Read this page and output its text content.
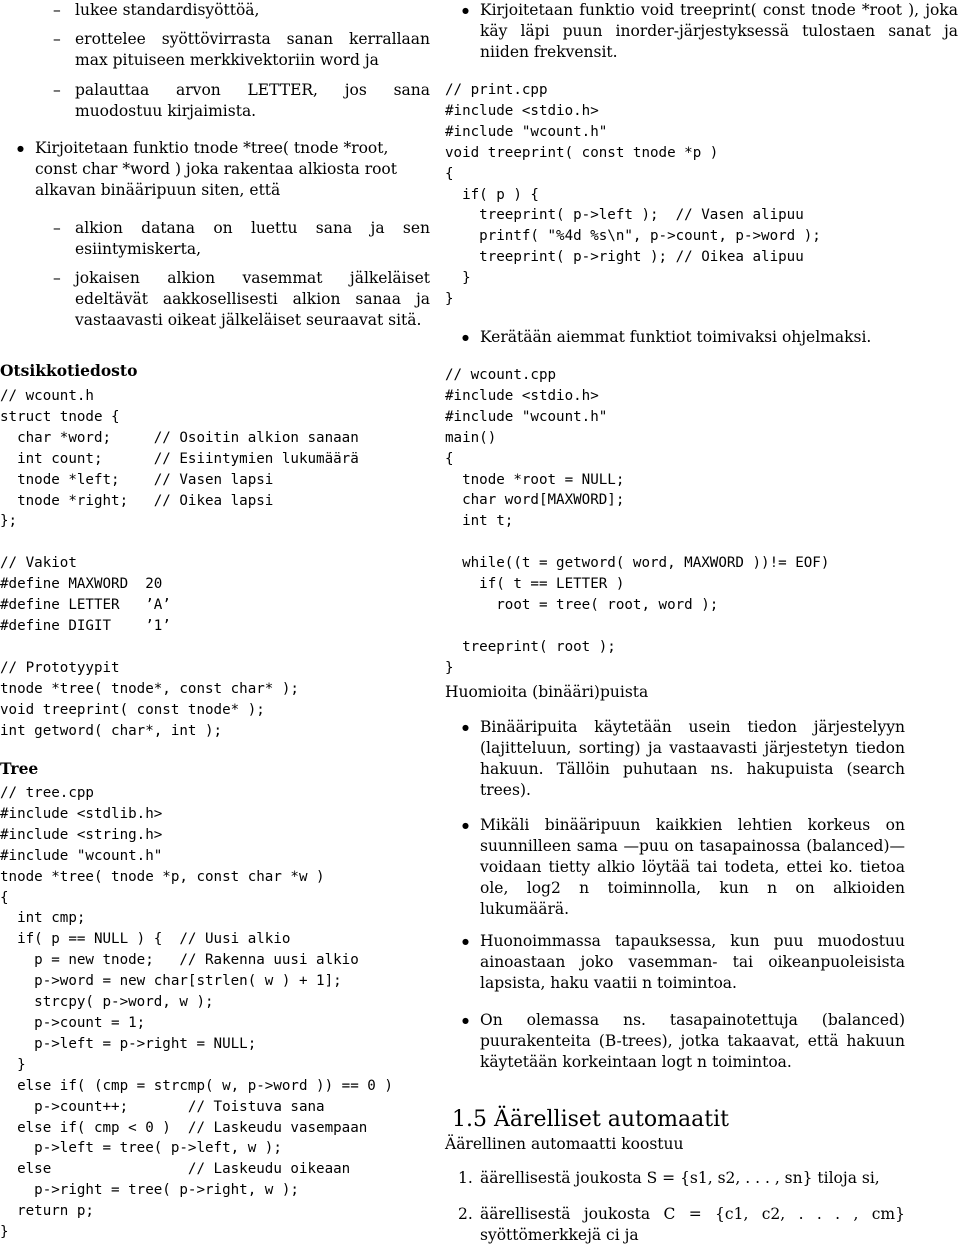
– lukee standardisyöttöä,

– erottelee syöttövirrasta sanan kerrallaan max pituiseen merkkivektoriin word ja

– palauttaa arvon LETTER, jos sana muodostuu kirjaimista.

● Kirjoitetaan funktio tnode *tree( tnode *root, const char *word ) joka rakentaa alkiosta root alkavan binääripuun siten, että

– alkion datana on luettu sana ja sen esiintymiskerta,

– jokaisen alkion vasemmat jälkeläiset edeltävät aakkosellisesti alkion sanaa ja vastaavasti oikeat jälkeläiset seuraavat sitä.

Otsikkotiedosto

// wcount.h
struct tnode {
char *word;     // Osoitin alkion sanaan
int count;      // Esiintymien lukumäärä
tnode *left;    // Vasen lapsi
tnode *right;   // Oikea lapsi
};

// Vakiot
#define MAXWORD  20
#define LETTER   ’A’
#define DIGIT    ’1’

// Prototyypit
tnode *tree( tnode*, const char* );
void treeprint( const tnode* );
int getword( char*, int );

Tree

// tree.cpp
#include <stdlib.h>
#include <string.h>
#include "wcount.h"
tnode *tree( tnode *p, const char *w )
{
int cmp;
if( p == NULL ) {  // Uusi alkio
p = new tnode;   // Rakenna uusi alkio
p->word = new char[strlen( w ) + 1];
strcpy( p->word, w );
p->count = 1;
p->left = p->right = NULL;
}
else if( (cmp = strcmp( w, p->word )) == 0 )
p->count++;       // Toistuva sana
else if( cmp < 0 )  // Laskeudu vasempaan
p->left = tree( p->left, w );
else                // Laskeudu oikeaan
p->right = tree( p->right, w );
return p;
}

● Kirjoitetaan funktio void treeprint( const tnode *root ), joka käy läpi puun inorder-järjestyksessä tulostaen sanat ja niiden frekvensit.

// print.cpp
#include <stdio.h>
#include "wcount.h"
void treeprint( const tnode *p )
{
if( p ) {
treeprint( p->left );  // Vasen alipuu
printf( "%4d %s\n", p->count, p->word );
treeprint( p->right ); // Oikea alipuu
}
}

● Kerätään aiemmat funktiot toimivaksi ohjelmaksi.

// wcount.cpp
#include <stdio.h>
#include "wcount.h"
main()
{
tnode *root = NULL;
char word[MAXWORD];
int t;

while((t = getword( word, MAXWORD ))!= EOF)
if( t == LETTER )
root = tree( root, word );

treeprint( root );
}

Huomioita (binääri)puista

● Binääripuita käytetään usein tiedon järjestelyyn (lajitteluun, sorting) ja vastaavasti järjestetyn tiedon hakuun. Tällöin puhutaan ns. hakupuista (search trees).

● Mikäli binääripuun kaikkien lehtien korkeus on suunnilleen sama —puu on tasapainossa (balanced)— voidaan tietty alkio löytää tai todeta, ettei ko. tietoa ole, log2 n toiminnolla, kun n on alkioiden lukumäärä.

● Huonoimmassa tapauksessa, kun puu muodostuu ainoastaan joko vasemman- tai oikeanpuoleisista lapsista, haku vaatii n toimintoa.

● On olemassa ns. tasapainotettuja (balanced) puurakenteita (B-trees), jotka takaavat, että hakuun käytetään korkeintaan logt n toimintoa.

1.5 Äärelliset automaatit

Äärellinen automaatti koostuu

1. äärellisestä joukosta S = {s1, s2, . . . , sn} tiloja si,

2. äärellisestä joukosta C = {c1, c2, . . . , cm} syöttömerkkejä ci ja
